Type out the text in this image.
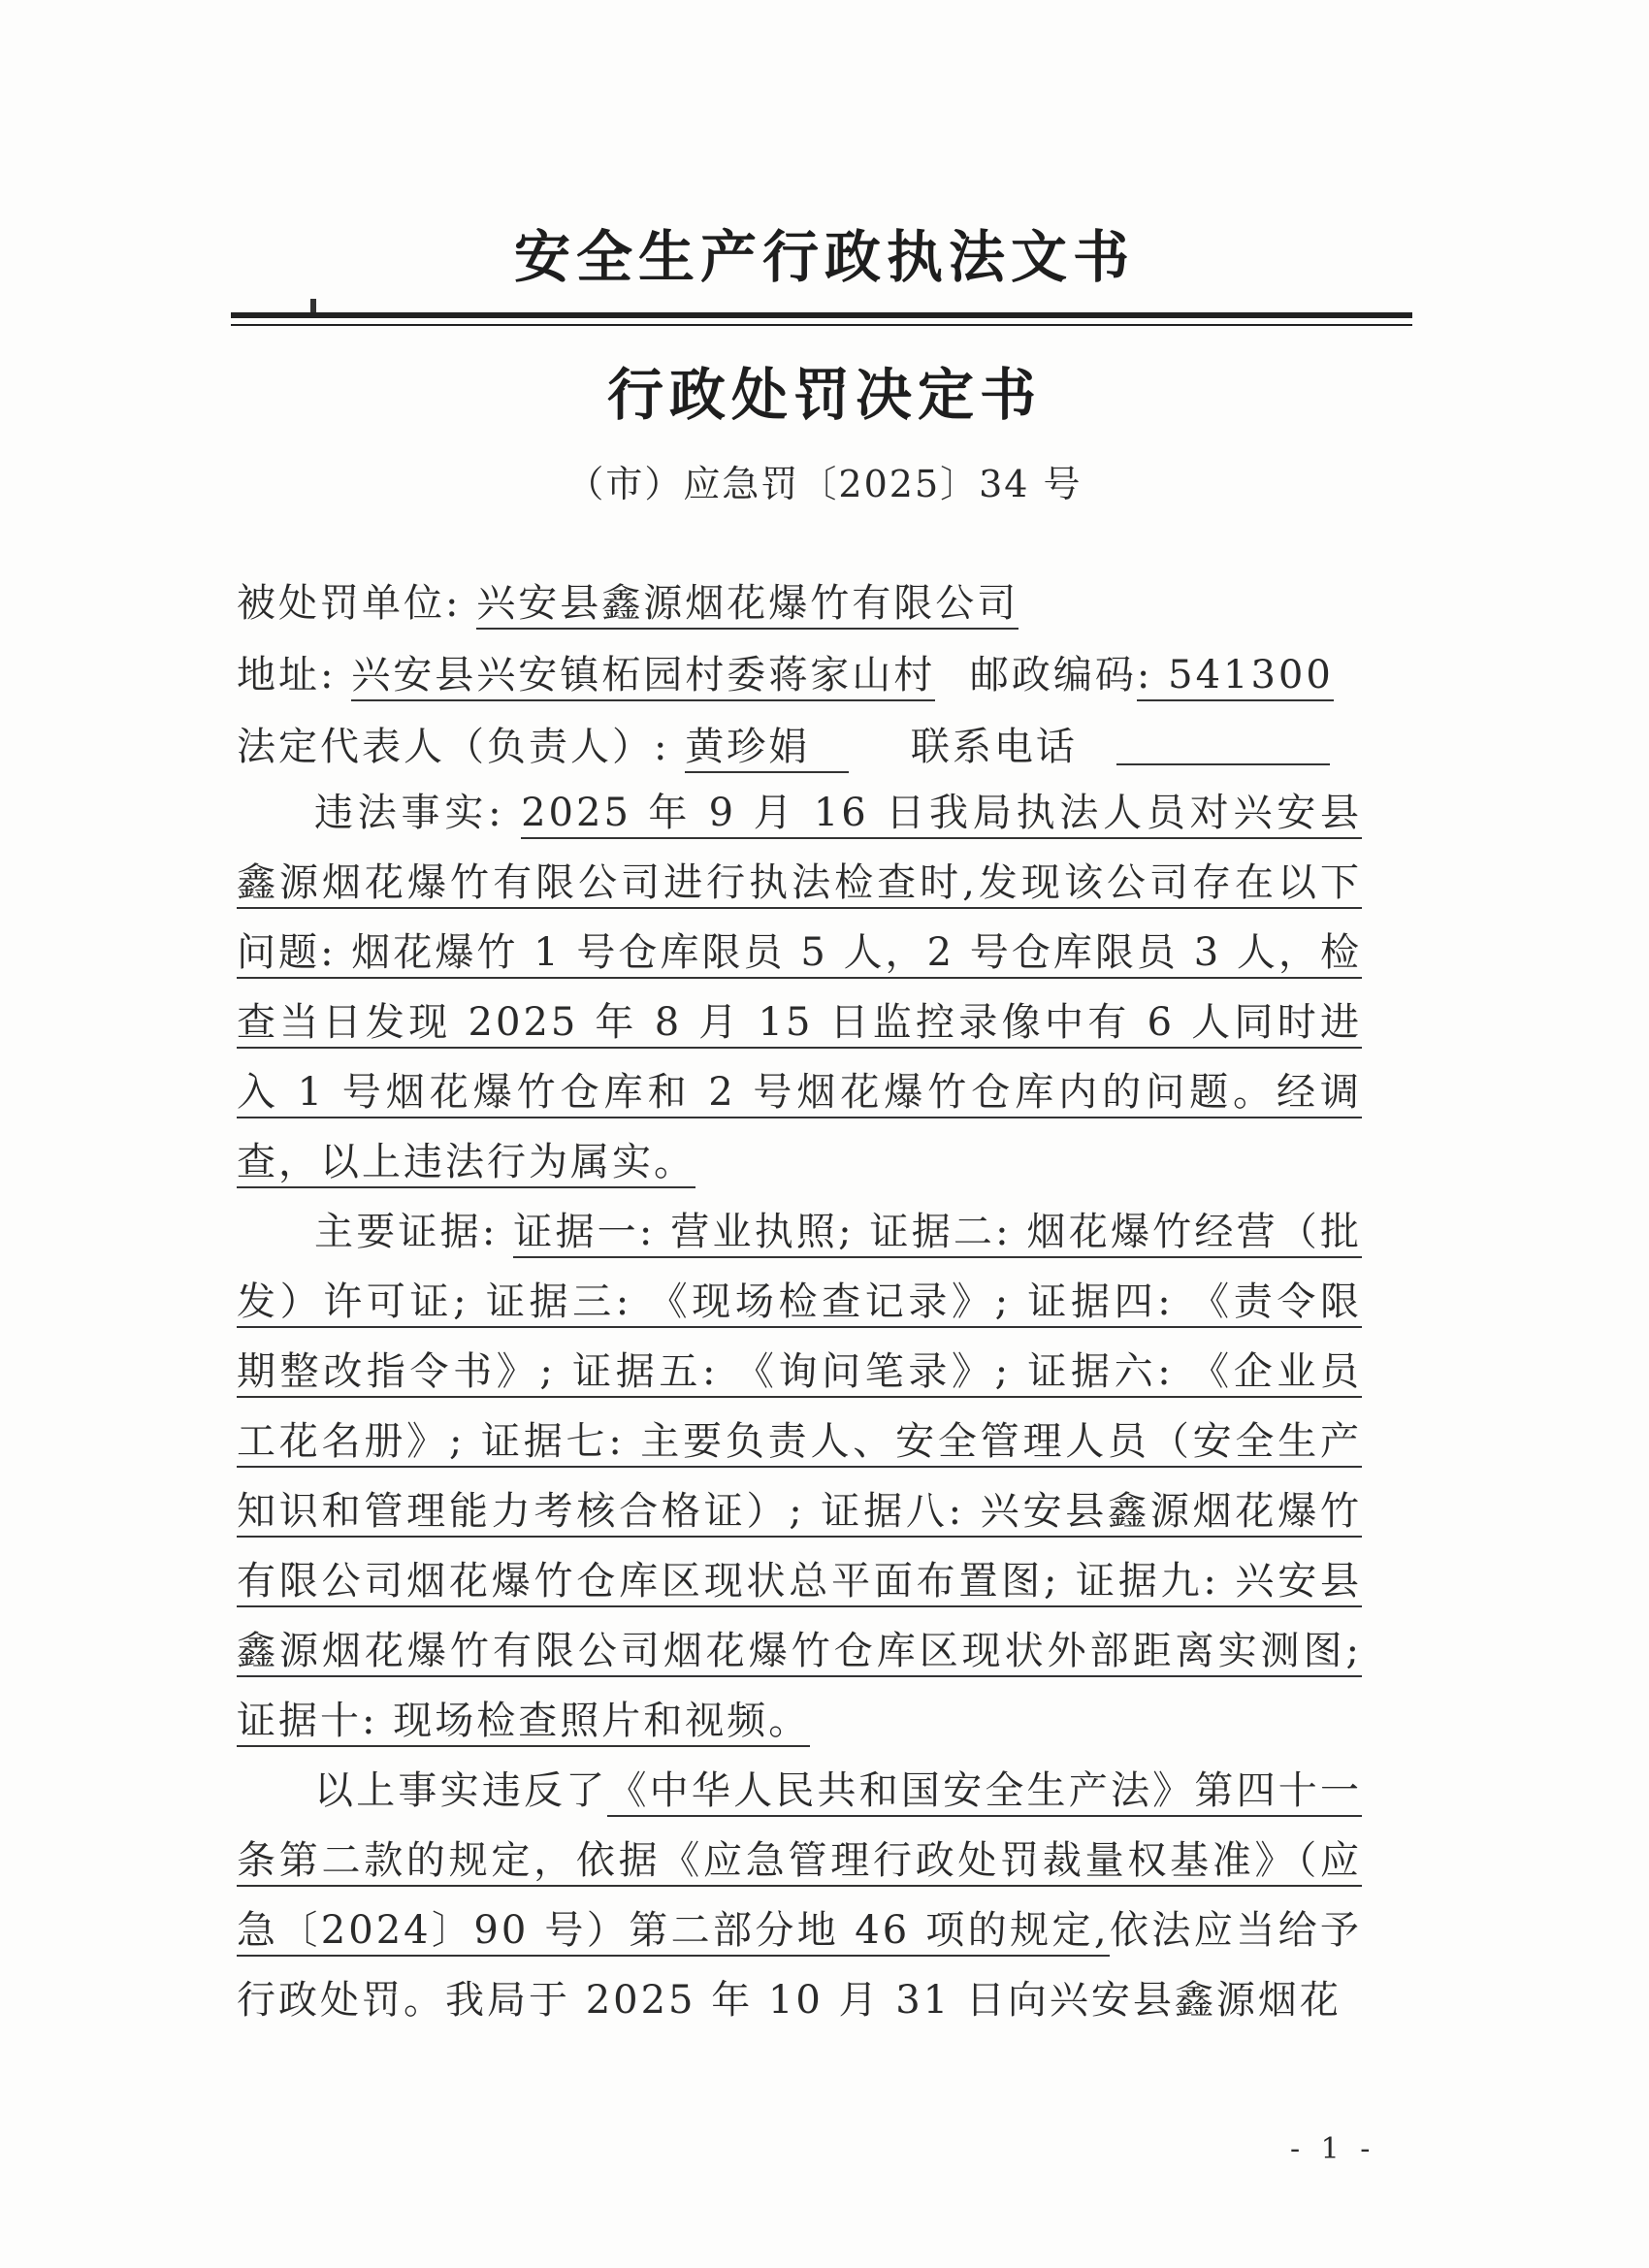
安全生产行政执法文书
行政处罚决定书
（市）应急罚〔2025〕34 号
被处罚单位: 兴安县鑫源烟花爆竹有限公司
地址: 兴安县兴安镇柘园村委蒋家山村 邮政编码: 541300
法定代表人（负责人）: 黄珍娟	联系电话

违法事实: 2025 年 9 月 16 日我局执法人员对兴安县鑫源烟花爆竹有限公司进行执法检查时,发现该公司存在以下问题: 烟花爆竹 1 号仓库限员 5 人，2 号仓库限员 3 人，检查当日发现 2025 年 8 月 15 日监控录像中有 6 人同时进入 1 号烟花爆竹仓库和 2 号烟花爆竹仓库内的问题。经调查，以上违法行为属实。

主要证据: 证据一: 营业执照; 证据二: 烟花爆竹经营（批发）许可证; 证据三: 《现场检查记录》; 证据四: 《责令限期整改指令书》; 证据五: 《询问笔录》; 证据六: 《企业员工花名册》; 证据七: 主要负责人、安全管理人员（安全生产知识和管理能力考核合格证）; 证据八: 兴安县鑫源烟花爆竹有限公司烟花爆竹仓库区现状总平面布置图; 证据九: 兴安县鑫源烟花爆竹有限公司烟花爆竹仓库区现状外部距离实测图; 证据十: 现场检查照片和视频。

以上事实违反了《中华人民共和国安全生产法》第四十一条第二款的规定，依据《应急管理行政处罚裁量权基准》（应急〔2024〕90 号）第二部分地 46 项的规定,依法应当给予行政处罚。我局于 2025 年 10 月 31 日向兴安县鑫源烟花

- 1 -
